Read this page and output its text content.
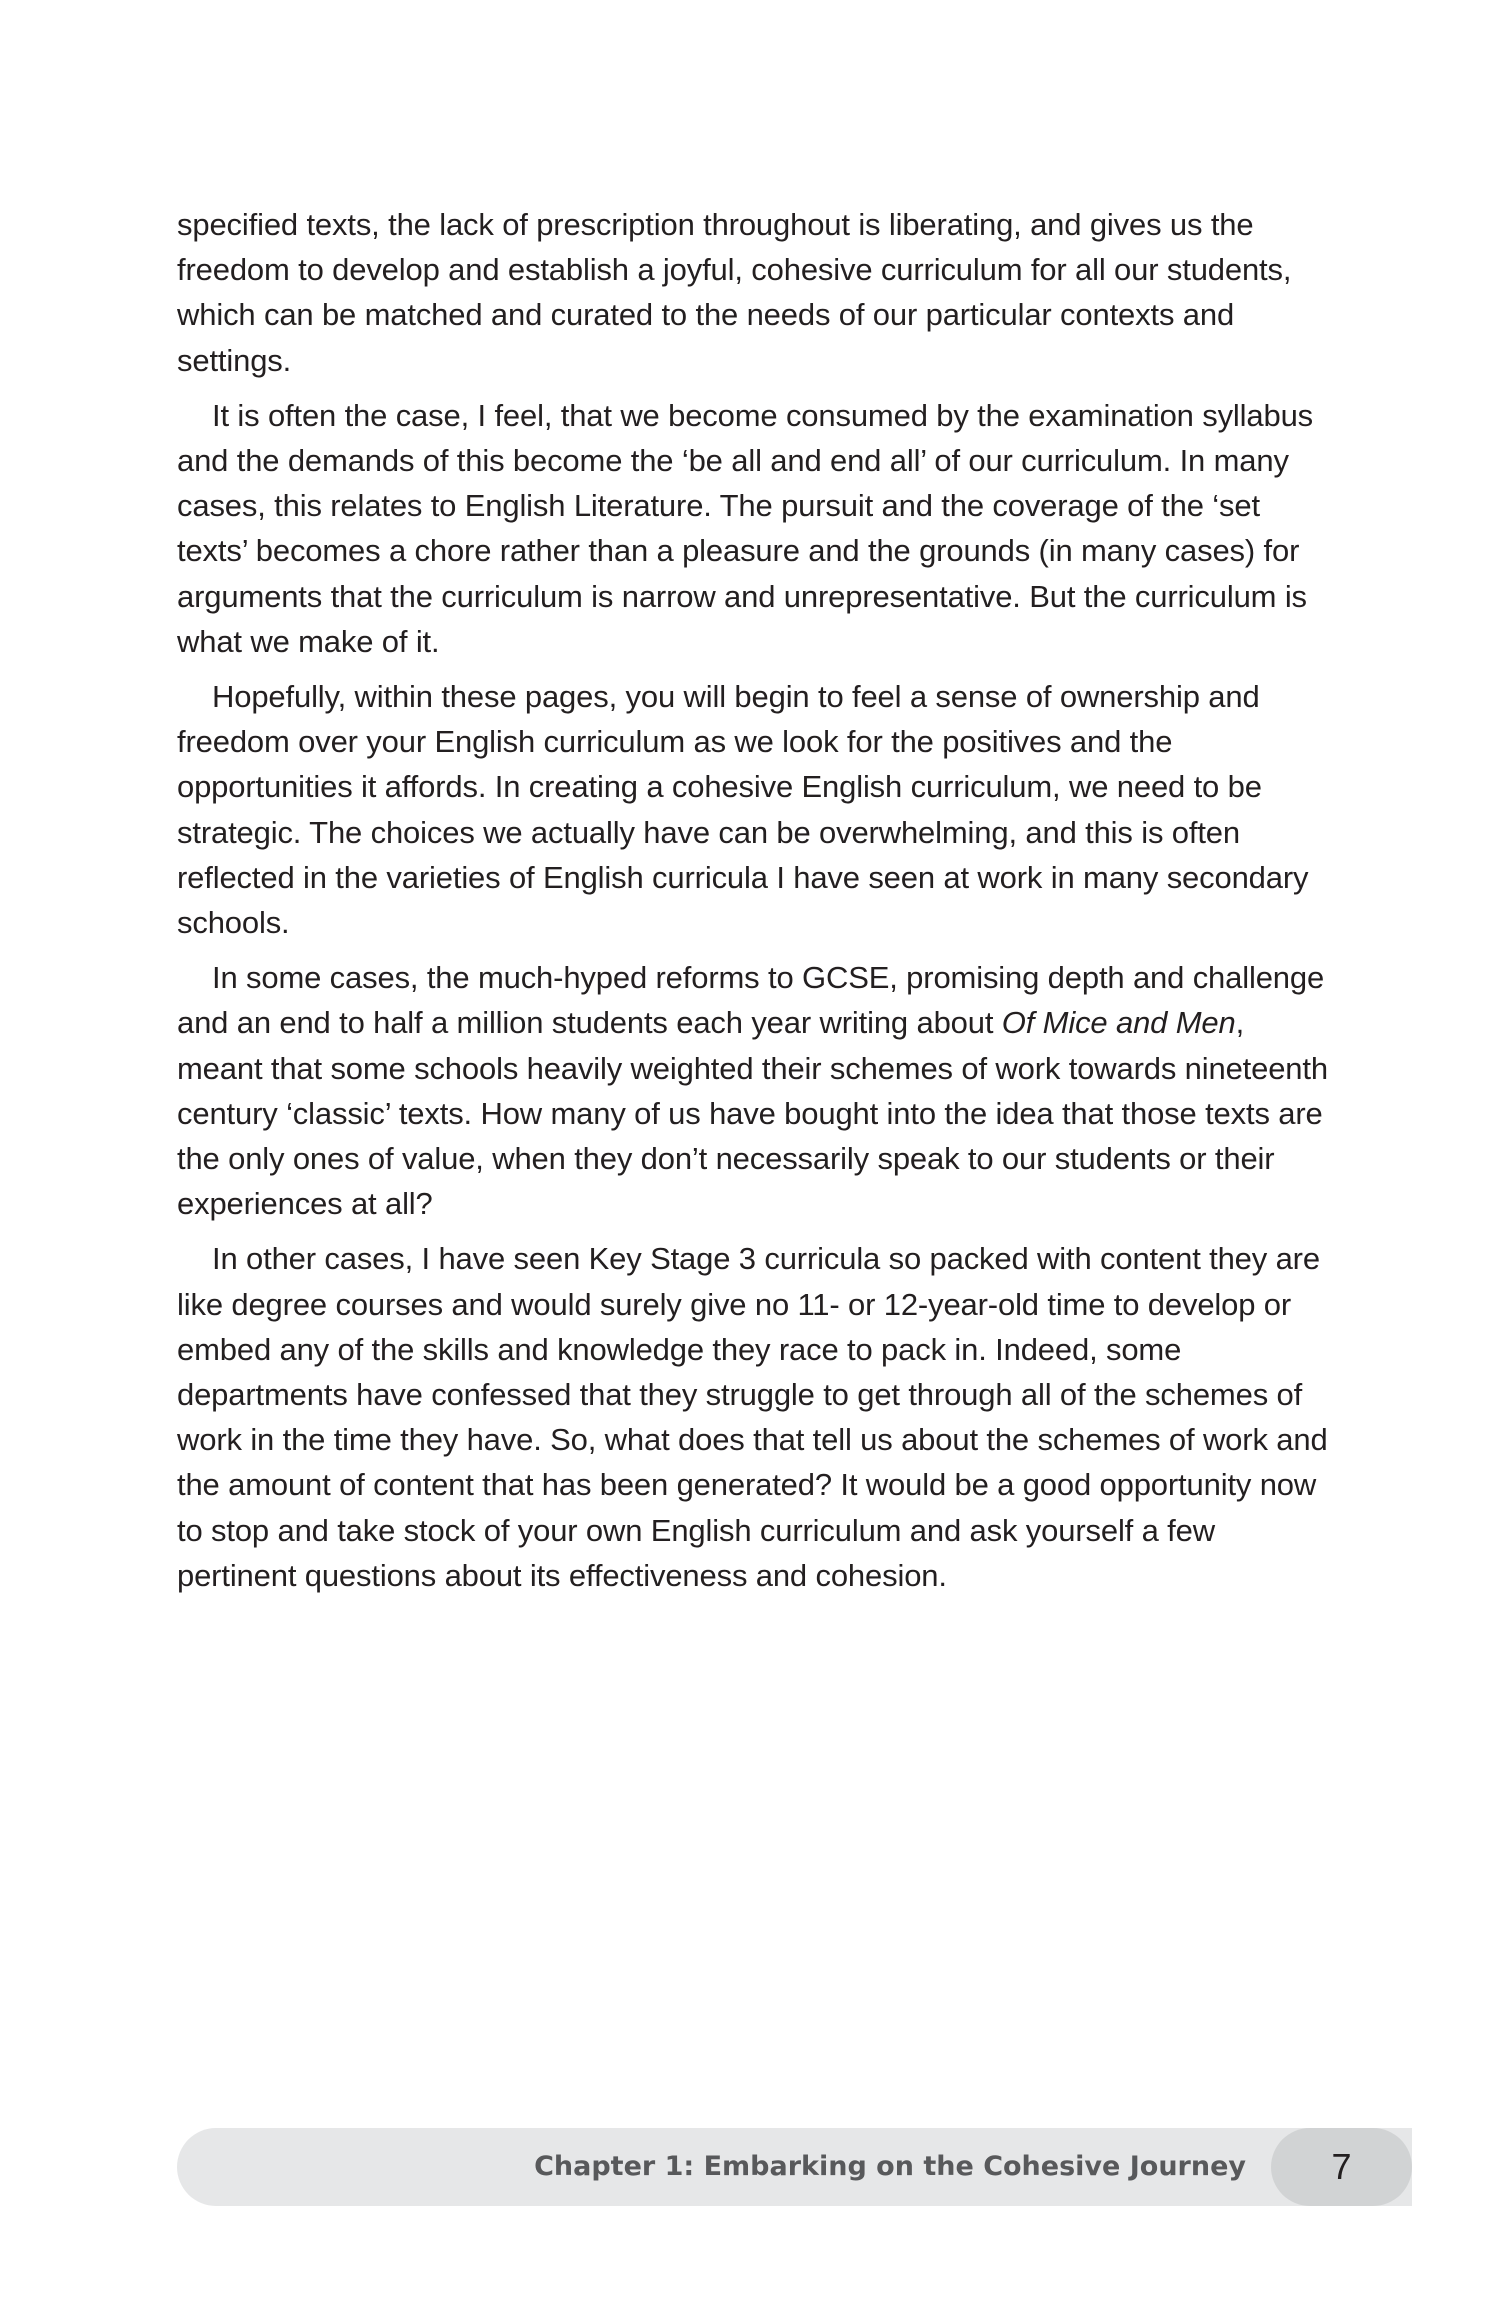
specified texts, the lack of prescription throughout is liberating, and gives us the freedom to develop and establish a joyful, cohesive curriculum for all our students, which can be matched and curated to the needs of our particular contexts and settings.

It is often the case, I feel, that we become consumed by the examination syllabus and the demands of this become the ‘be all and end all’ of our curriculum. In many cases, this relates to English Literature. The pursuit and the coverage of the ‘set texts’ becomes a chore rather than a pleasure and the grounds (in many cases) for arguments that the curriculum is narrow and unrepresentative. But the curriculum is what we make of it.

Hopefully, within these pages, you will begin to feel a sense of ownership and freedom over your English curriculum as we look for the positives and the opportunities it affords. In creating a cohesive English curriculum, we need to be strategic. The choices we actually have can be overwhelming, and this is often reflected in the varieties of English curricula I have seen at work in many secondary schools.

In some cases, the much-hyped reforms to GCSE, promising depth and challenge and an end to half a million students each year writing about Of Mice and Men, meant that some schools heavily weighted their schemes of work towards nineteenth century ‘classic’ texts. How many of us have bought into the idea that those texts are the only ones of value, when they don’t necessarily speak to our students or their experiences at all?

In other cases, I have seen Key Stage 3 curricula so packed with content they are like degree courses and would surely give no 11- or 12-year-old time to develop or embed any of the skills and knowledge they race to pack in. Indeed, some departments have confessed that they struggle to get through all of the schemes of work in the time they have. So, what does that tell us about the schemes of work and the amount of content that has been generated? It would be a good opportunity now to stop and take stock of your own English curriculum and ask yourself a few pertinent questions about its effectiveness and cohesion.

Chapter 1: Embarking on the Cohesive Journey	7
